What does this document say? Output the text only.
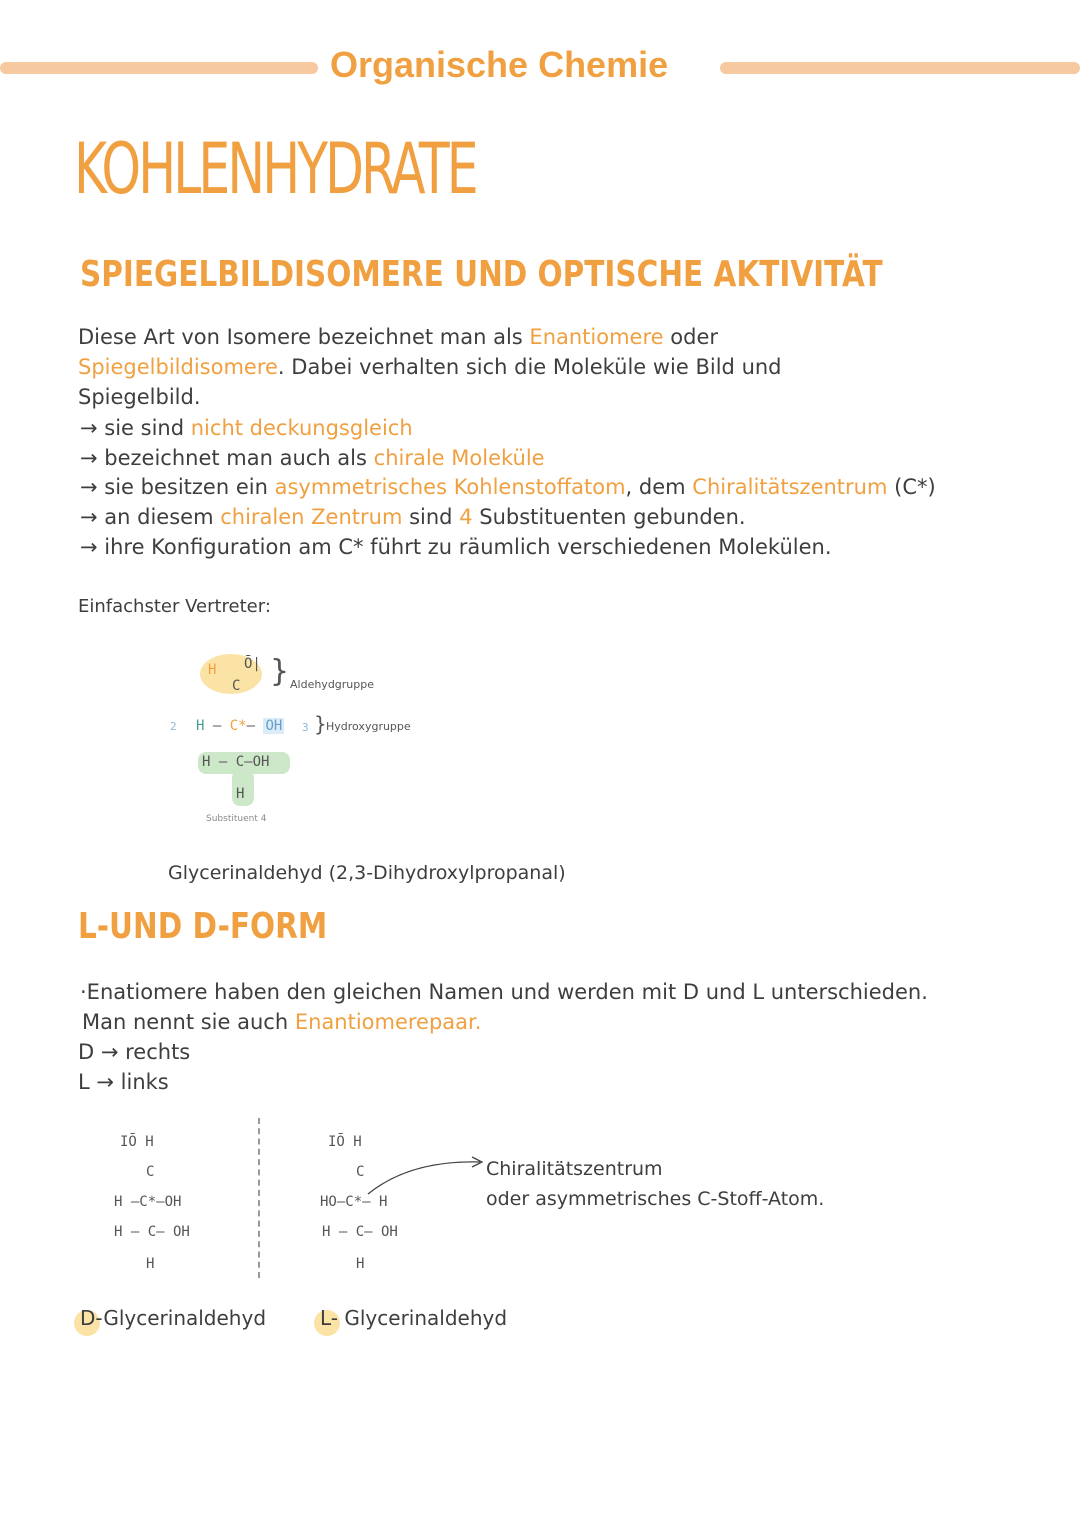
Organische Chemie
KOHLENHYDRATE
SPIEGELBILDISOMERE UND OPTISCHE AKTIVITÄT
Diese Art von Isomere bezeichnet man als Enantiomere oder
Spiegelbildisomere. Dabei verhalten sich die Moleküle wie Bild und
Spiegelbild.
→ sie sind nicht deckungsgleich
→ bezeichnet man auch als chirale Moleküle
→ sie besitzen ein asymmetrisches Kohlenstoffatom, dem Chiralitätszentrum (C*)
→ an diesem chiralen Zentrum sind 4 Substituenten gebunden.
→ ihre Konfiguration am C* führt zu räumlich verschiedenen Molekülen.
Einfachster Vertreter:
H Ō|
C } Aldehydgruppe
2 H – C*– OH 3 } Hydroxygruppe
H – C–OH
H
Substituent 4
Glycerinaldehyd (2,3-Dihydroxylpropanal)
L-UND D-FORM
·Enatiomere haben den gleichen Namen und werden mit D und L unterschieden.
Man nennt sie auch Enantiomerepaar.
D → rechts
L → links
IŌ H
C
H –C*–OH
H – C– OH
H
IŌ H
C
HO–C*– H
H – C– OH
H
Chiralitätszentrum
oder asymmetrisches C-Stoff-Atom.
D-Glycerinaldehyd	L- Glycerinaldehyd
